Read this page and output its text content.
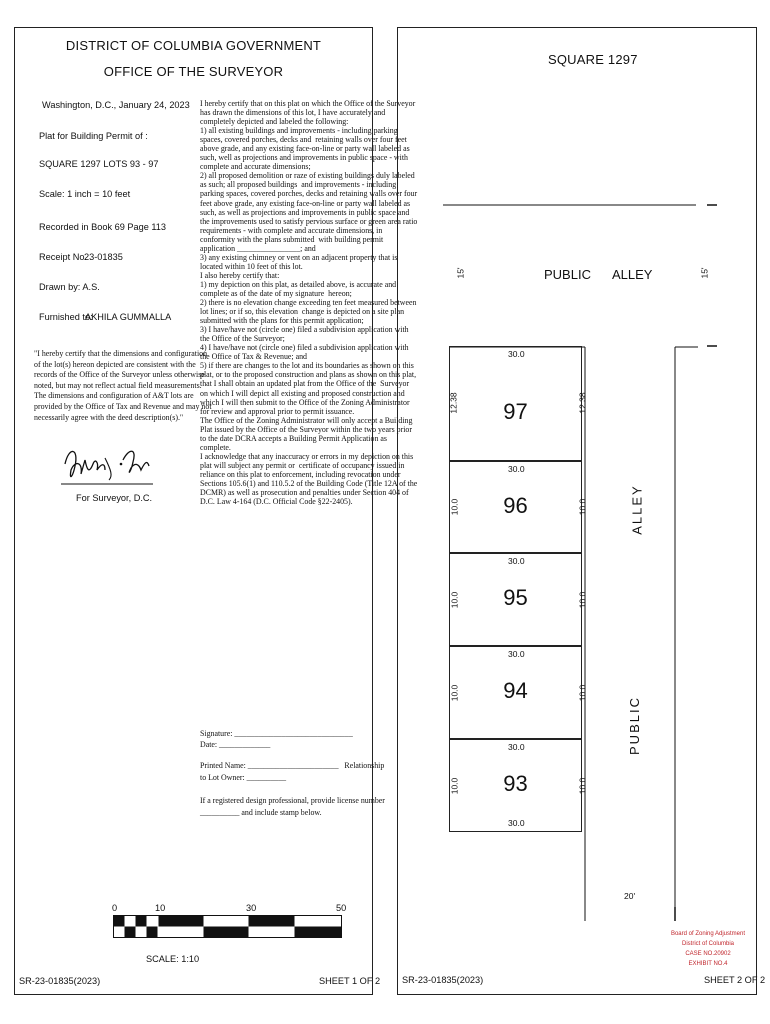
DISTRICT OF COLUMBIA GOVERNMENT
OFFICE OF THE SURVEYOR
Washington, D.C., January 24, 2023
Plat for Building Permit of :
SQUARE 1297 LOTS 93 - 97
Scale: 1 inch = 10 feet
Recorded in Book 69 Page 113
Receipt No.
23-01835
Drawn by: A.S.
Furnished to:
AKHILA GUMMALLA
"I hereby certify that the dimensions and configuration
of the lot(s) hereon depicted are consistent with the
records of the Office of the Surveyor unless otherwise
noted, but may not reflect actual field measurements.
The dimensions and configuration of A&T lots are
provided by the Office of Tax and Revenue and may not
necessarily agree with the deed description(s)."
For Surveyor, D.C.
I hereby certify that on this plat on which the Office of the Surveyor
has drawn the dimensions of this lot, I have accurately and
completely depicted and labeled the following:
1) all existing buildings and improvements - including parking
spaces, covered porches, decks and  retaining walls over four feet
above grade, and any existing face-on-line or party wall labeled as
such, well as projections and improvements in public space - with
complete and accurate dimensions;
2) all proposed demolition or raze of existing buildings duly labeled
as such; all proposed buildings  and improvements - including
parking spaces, covered porches, decks and retaining walls over four
feet above grade, any existing face-on-line or party wall labeled as
such, as well as projections and improvements in public space and
the improvements used to satisfy pervious surface or green area ratio
requirements - with complete and accurate dimensions, in
conformity with the plans submitted  with building permit
application ________________; and
3) any existing chimney or vent on an adjacent property that is
located within 10 feet of this lot.
I also hereby certify that:
1) my depiction on this plat, as detailed above, is accurate and
complete as of the date of my signature  hereon;
2) there is no elevation change exceeding ten feet measured between
lot lines; or if so, this elevation  change is depicted on a site plan
submitted with the plans for this permit application;
3) I have/have not (circle one) filed a subdivision application with
the Office of the Surveyor;
4) I have/have not (circle one) filed a subdivision application with
the Office of Tax & Revenue; and
5) if there are changes to the lot and its boundaries as shown on this
plat, or to the proposed construction and plans as shown on this plat,
that I shall obtain an updated plat from the Office of the  Surveyor
on which I will depict all existing and proposed construction and
which I will then submit to the Office of the Zoning Administrator
for review and approval prior to permit issuance.
The Office of the Zoning Administrator will only accept a Building
Plat issued by the Office of the Surveyor within the two years prior
to the date DCRA accepts a Building Permit Application as
complete.
I acknowledge that any inaccuracy or errors in my depiction on this
plat will subject any permit or  certificate of occupancy issued in
reliance on this plat to enforcement, including revocation under
Sections 105.6(1) and 110.5.2 of the Building Code (Title 12A of the
DCMR) as well as prosecution and penalties under Section 404 of
D.C. Law 4-164 (D.C. Official Code §22-2405).
Signature: ______________________________
Date: _____________
Printed Name: _______________________   Relationship
to Lot Owner: __________
If a registered design professional, provide license number
__________ and include stamp below.
0	10	30	50
SCALE: 1:10
SR-23-01835(2023)	SHEET 1 OF 2
SQUARE 1297
15'	15'
PUBLIC ALLEY
ALLEY
PUBLIC
20'
30.0
97
12.38	12.38
30.0
96
10.0	10.0
30.0
95
10.0	10.0
30.0
94
10.0	10.0
30.0
93
10.0	10.0
30.0
Board of Zoning Adjustment
District of Columbia
CASE NO.20902
EXHIBIT NO.4
SR-23-01835(2023)	SHEET 2 OF 2
